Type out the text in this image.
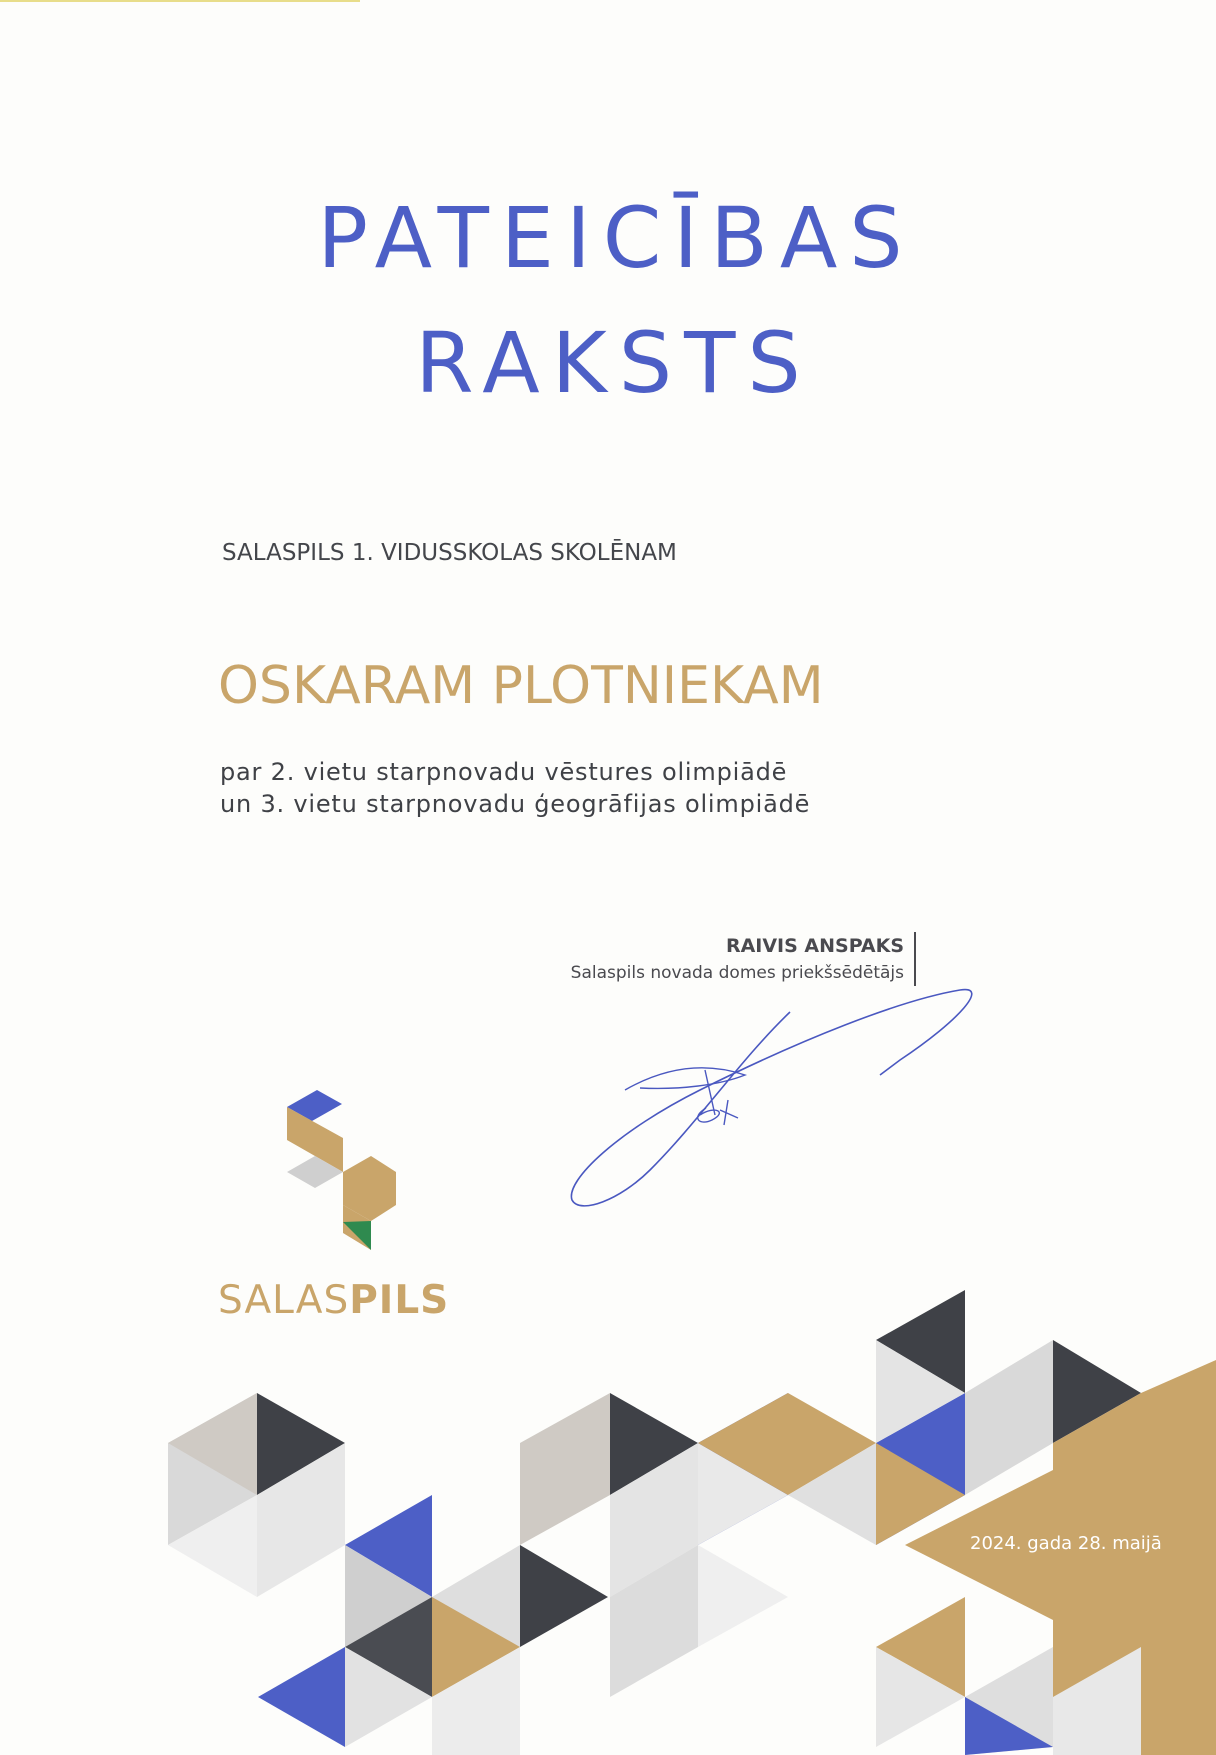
PATEICĪBAS
RAKSTS
SALASPILS 1. VIDUSSKOLAS SKOLĒNAM
OSKARAM PLOTNIEKAM
par 2. vietu starpnovadu vēstures olimpiādē
un 3. vietu starpnovadu ģeogrāfijas olimpiādē
RAIVIS ANSPAKS
Salaspils novada domes priekšsēdētājs
SALASPILS
2024. gada 28. maijā
